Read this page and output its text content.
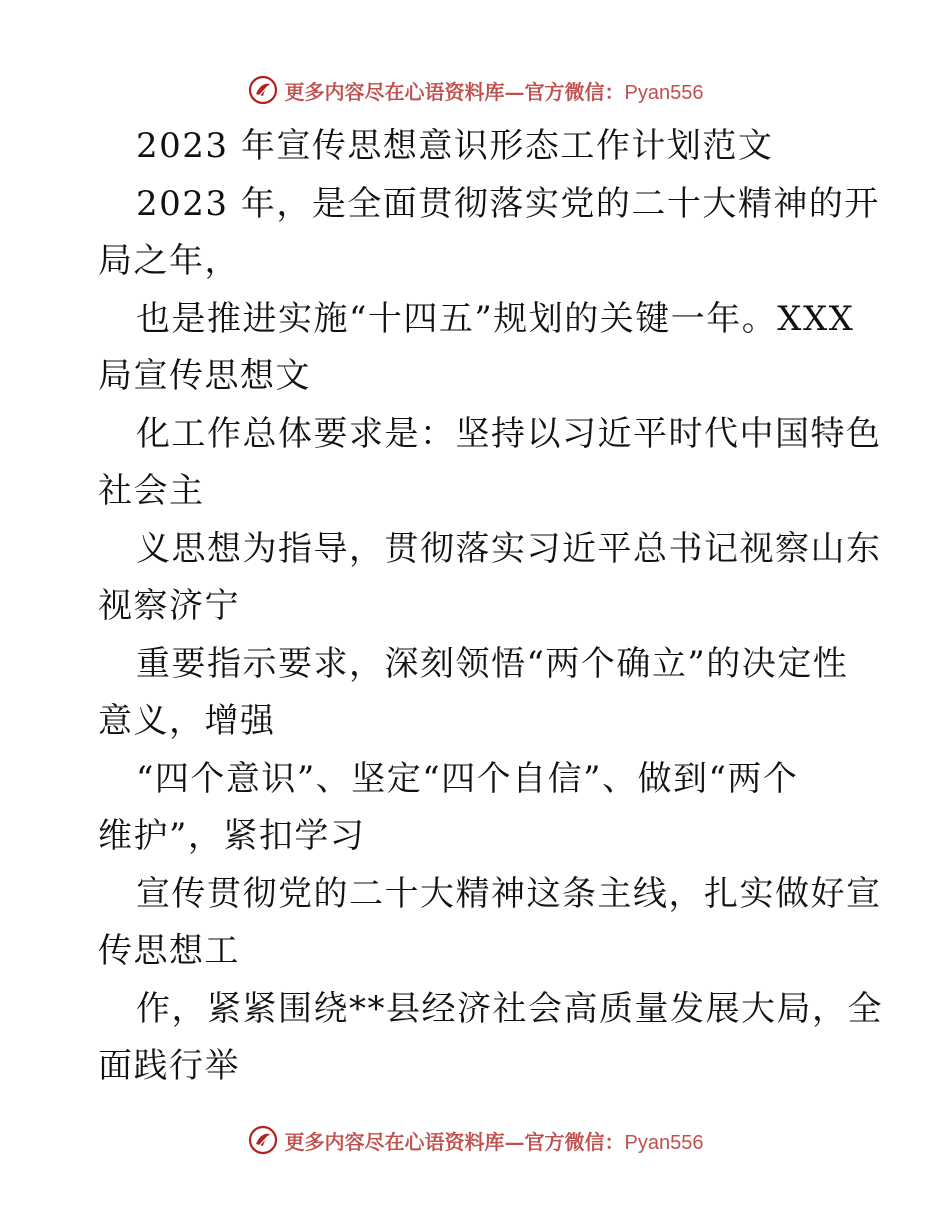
更多内容尽在心语资料库—官方微信：Pyan556
2023 年宣传思想意识形态工作计划范文
2023 年，是全面贯彻落实党的二十大精神的开
局之年，
也是推进实施“十四五”规划的关键一年。XXX
局宣传思想文
化工作总体要求是：坚持以习近平时代中国特色
社会主
义思想为指导，贯彻落实习近平总书记视察山东
视察济宁
重要指示要求，深刻领悟“两个确立”的决定性
意义，增强
“四个意识”、坚定“四个自信”、做到“两个
维护”，紧扣学习
宣传贯彻党的二十大精神这条主线，扎实做好宣
传思想工
作，紧紧围绕**县经济社会高质量发展大局，全
面践行举
更多内容尽在心语资料库—官方微信：Pyan556
